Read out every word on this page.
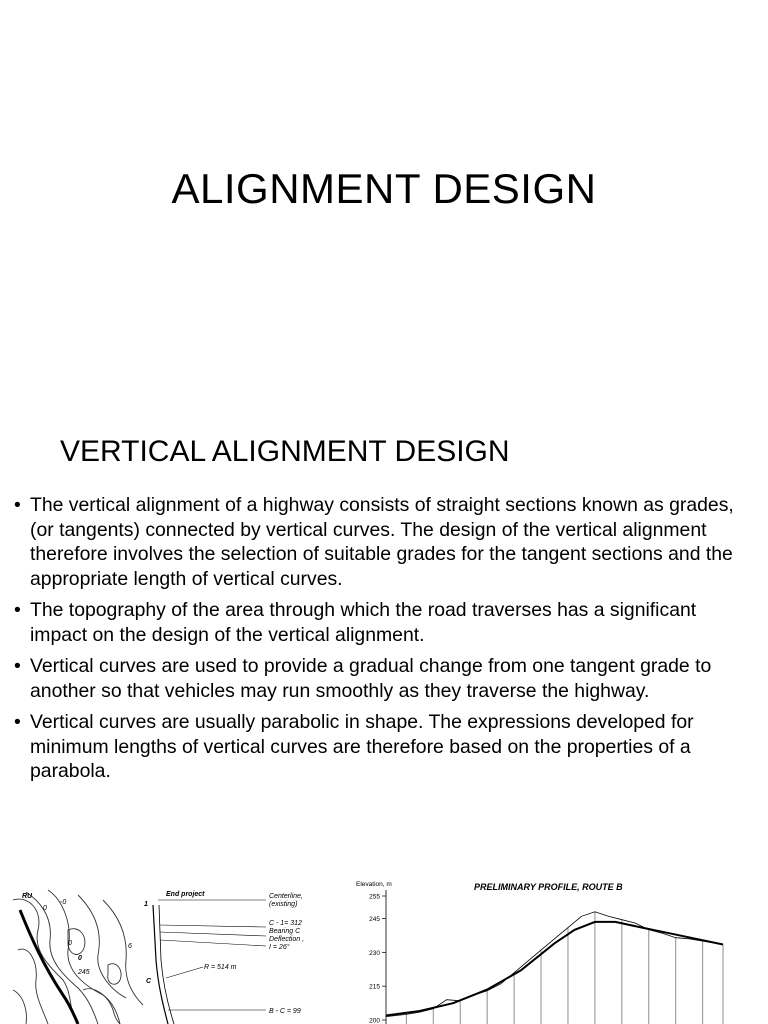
ALIGNMENT DESIGN
VERTICAL ALIGNMENT DESIGN
• The vertical alignment of a highway consists of straight sections known as grades, (or tangents) connected by vertical curves. The design of the vertical alignment therefore involves the selection of suitable grades for the tangent sections and the appropriate length of vertical curves.
• The topography of the area through which the road traverses has a significant impact on the design of the vertical alignment.
• Vertical curves are used to provide a gradual change from one tangent grade to another so that vehicles may run smoothly as they traverse the highway.
• Vertical curves are usually parabolic in shape. The expressions developed for minimum lengths of vertical curves are therefore based on the properties of a parabola.
End project
1
Centerline,
(existing)
C - 1= 312
Bearing C
Deflection ,
I = 26°
R = 514 m
C
B - C = 99
RU
245
0
-0
0
0
6
Elevation, m	PRELIMINARY PROFILE, ROUTE B
200
215
230
245
255
